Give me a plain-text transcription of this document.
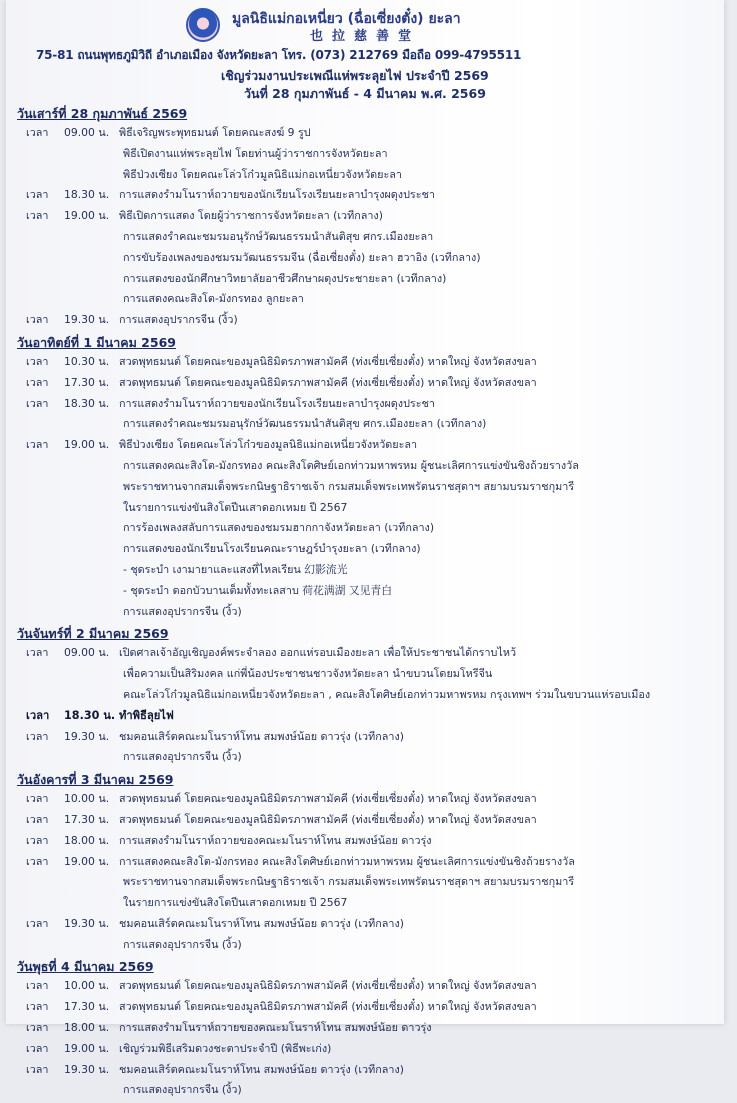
มูลนิธิแม่กอเหนี่ยว (ฉื่อเซี่ยงตั๋ง) ยะลา
也拉慈善堂
75-81 ถนนพุทธภูมิวิถี อำเภอเมือง จังหวัดยะลา โทร. (073) 212769 มือถือ 099-4795511
เชิญร่วมงานประเพณีแห่พระลุยไฟ ประจำปี 2569
วันที่ 28 กุมภาพันธ์ - 4 มีนาคม พ.ศ. 2569
วันเสาร์ที่ 28 กุมภาพันธ์ 2569
เวลา 09.00 น. พิธีเจริญพระพุทธมนต์ โดยคณะสงฆ์ 9 รูป
พิธีเปิดงานแห่พระลุยไฟ โดยท่านผู้ว่าราชการจังหวัดยะลา
พิธีป่วงเซียง โดยคณะโล่วโก๋วมูลนิธิแม่กอเหนี่ยวจังหวัดยะลา
เวลา 18.30 น. การแสดงรำมโนราห์ถวายของนักเรียนโรงเรียนยะลาบำรุงผดุงประชา
เวลา 19.00 น. พิธีเปิดการแสดง โดยผู้ว่าราชการจังหวัดยะลา (เวทีกลาง)
การแสดงรำคณะชมรมอนุรักษ์วัฒนธรรมนำสันติสุข ศกร.เมืองยะลา
การขับร้องเพลงของชมรมวัฒนธรรมจีน (ฉื่อเซี่ยงตั๋ง) ยะลา ฮวาอิง (เวทีกลาง)
การแสดงของนักศึกษาวิทยาลัยอาชีวศึกษาผดุงประชายะลา (เวทีกลาง)
การแสดงคณะสิงโต-มังกรทอง ลูกยะลา
เวลา 19.30 น. การแสดงอุปรากรจีน (งิ้ว)
วันอาทิตย์ที่ 1 มีนาคม 2569
เวลา 10.30 น. สวดพุทธมนต์ โดยคณะของมูลนิธิมิตรภาพสามัคคี (ท่งเซี่ยเซี่ยงตั๋ง) หาดใหญ่ จังหวัดสงขลา
เวลา 17.30 น. สวดพุทธมนต์ โดยคณะของมูลนิธิมิตรภาพสามัคคี (ท่งเซี่ยเซี่ยงตั๋ง) หาดใหญ่ จังหวัดสงขลา
เวลา 18.30 น. การแสดงรำมโนราห์ถวายของนักเรียนโรงเรียนยะลาบำรุงผดุงประชา
การแสดงรำคณะชมรมอนุรักษ์วัฒนธรรมนำสันติสุข ศกร.เมืองยะลา (เวทีกลาง)
เวลา 19.00 น. พิธีป่วงเซียง โดยคณะโล่วโก๋วของมูลนิธิแม่กอเหนี่ยวจังหวัดยะลา
การแสดงคณะสิงโต-มังกรทอง คณะสิงโตศิษย์เอกท่าวมหาพรหม ผู้ชนะเลิศการแข่งขันชิงถ้วยรางวัล
พระราชทานจากสมเด็จพระกนิษฐาธิราชเจ้า กรมสมเด็จพระเทพรัตนราชสุดาฯ สยามบรมราชกุมารี
ในรายการแข่งขันสิงโตปีนเสาดอกเหมย ปี 2567
การร้องเพลงสลับการแสดงของชมรมฮากกาจังหวัดยะลา (เวทีกลาง)
การแสดงของนักเรียนโรงเรียนคณะราษฎร์บำรุงยะลา (เวทีกลาง)
- ชุดระบำ เงามายาและแสงที่ไหลเรียน 幻影流光
- ชุดระบำ ดอกบัวบานเต็มทั้งทะเลสาบ 荷花满湖 又见青白
การแสดงอุปรากรจีน (งิ้ว)
วันจันทร์ที่ 2 มีนาคม 2569
เวลา 09.00 น. เปิดศาลเจ้าอัญเชิญองค์พระจำลอง ออกแห่รอบเมืองยะลา เพื่อให้ประชาชนได้กราบไหว้
เพื่อความเป็นสิริมงคล แก่พี่น้องประชาชนชาวจังหวัดยะลา นำขบวนโดยมโหรีจีน
คณะโล่วโก๋วมูลนิธิแม่กอเหนี่ยวจังหวัดยะลา , คณะสิงโตศิษย์เอกท่าวมหาพรหม กรุงเทพฯ ร่วมในขบวนแห่รอบเมือง
เวลา 18.30 น. ทำพิธีลุยไฟ
เวลา 19.30 น. ชมคอนเสิร์ตคณะมโนราห์โทน สมพงษ์น้อย ดาวรุ่ง (เวทีกลาง)
การแสดงอุปรากรจีน (งิ้ว)
วันอังคารที่ 3 มีนาคม 2569
เวลา 10.00 น. สวดพุทธมนต์ โดยคณะของมูลนิธิมิตรภาพสามัคคี (ท่งเซี่ยเซี่ยงตั๋ง) หาดใหญ่ จังหวัดสงขลา
เวลา 17.30 น. สวดพุทธมนต์ โดยคณะของมูลนิธิมิตรภาพสามัคคี (ท่งเซี่ยเซี่ยงตั๋ง) หาดใหญ่ จังหวัดสงขลา
เวลา 18.00 น. การแสดงรำมโนราห์ถวายของคณะมโนราห์โทน สมพงษ์น้อย ดาวรุ่ง
เวลา 19.00 น. การแสดงคณะสิงโต-มังกรทอง คณะสิงโตศิษย์เอกท่าวมหาพรหม ผู้ชนะเลิศการแข่งขันชิงถ้วยรางวัล
พระราชทานจากสมเด็จพระกนิษฐาธิราชเจ้า กรมสมเด็จพระเทพรัตนราชสุดาฯ สยามบรมราชกุมารี
ในรายการแข่งขันสิงโตปีนเสาดอกเหมย ปี 2567
เวลา 19.30 น. ชมคอนเสิร์ตคณะมโนราห์โทน สมพงษ์น้อย ดาวรุ่ง (เวทีกลาง)
การแสดงอุปรากรจีน (งิ้ว)
วันพุธที่ 4 มีนาคม 2569
เวลา 10.00 น. สวดพุทธมนต์ โดยคณะของมูลนิธิมิตรภาพสามัคคี (ท่งเซี่ยเซี่ยงตั๋ง) หาดใหญ่ จังหวัดสงขลา
เวลา 17.30 น. สวดพุทธมนต์ โดยคณะของมูลนิธิมิตรภาพสามัคคี (ท่งเซี่ยเซี่ยงตั๋ง) หาดใหญ่ จังหวัดสงขลา
เวลา 18.00 น. การแสดงรำมโนราห์ถวายของคณะมโนราห์โทน สมพงษ์น้อย ดาวรุ่ง
เวลา 19.00 น. เชิญร่วมพิธีเสริมดวงชะตาประจำปี (พิธีพะเก่ง)
เวลา 19.30 น. ชมคอนเสิร์ตคณะมโนราห์โทน สมพงษ์น้อย ดาวรุ่ง (เวทีกลาง)
การแสดงอุปรากรจีน (งิ้ว)
